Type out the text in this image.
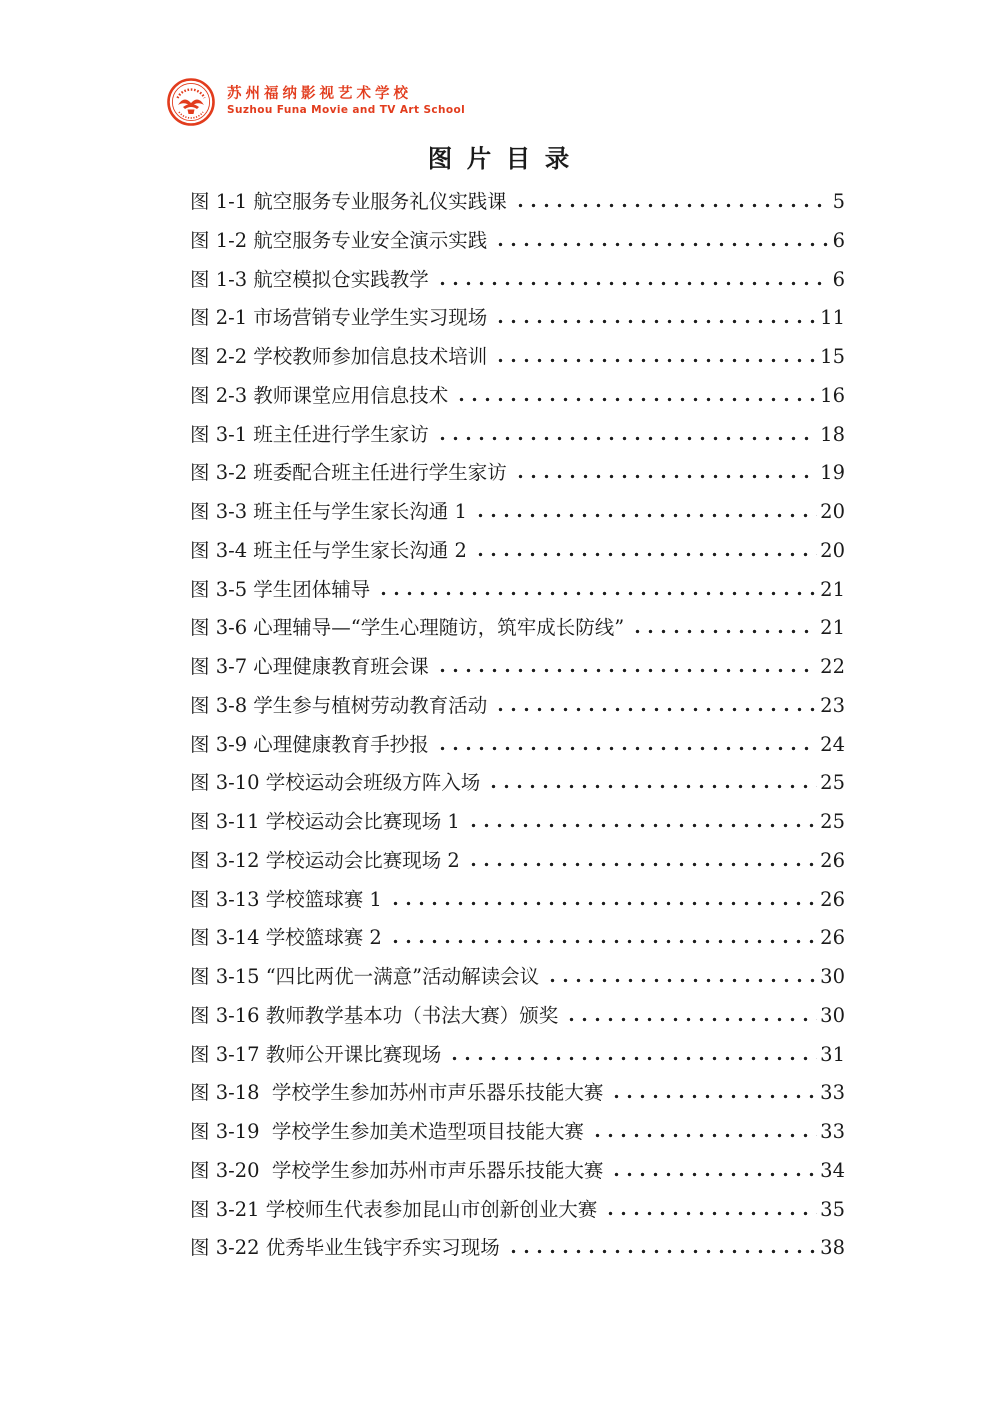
苏州福纳影视艺术学校
Suzhou Funa Movie and TV Art School
图 片 目 录
图 1-1 航空服务专业服务礼仪实践课	5
图 1-2 航空服务专业安全演示实践	6
图 1-3 航空模拟仓实践教学	6
图 2-1 市场营销专业学生实习现场	11
图 2-2 学校教师参加信息技术培训	15
图 2-3 教师课堂应用信息技术	16
图 3-1 班主任进行学生家访	18
图 3-2 班委配合班主任进行学生家访	19
图 3-3 班主任与学生家长沟通 1	20
图 3-4 班主任与学生家长沟通 2	20
图 3-5 学生团体辅导	21
图 3-6 心理辅导—“学生心理随访，筑牢成长防线”	21
图 3-7 心理健康教育班会课	22
图 3-8 学生参与植树劳动教育活动	23
图 3-9 心理健康教育手抄报	24
图 3-10 学校运动会班级方阵入场	25
图 3-11 学校运动会比赛现场 1	25
图 3-12 学校运动会比赛现场 2	26
图 3-13 学校篮球赛 1	26
图 3-14 学校篮球赛 2	26
图 3-15 “四比两优一满意”活动解读会议	30
图 3-16 教师教学基本功（书法大赛）颁奖	30
图 3-17 教师公开课比赛现场	31
图 3-18  学校学生参加苏州市声乐器乐技能大赛	33
图 3-19  学校学生参加美术造型项目技能大赛	33
图 3-20  学校学生参加苏州市声乐器乐技能大赛	34
图 3-21 学校师生代表参加昆山市创新创业大赛	35
图 3-22 优秀毕业生钱宇乔实习现场	38
